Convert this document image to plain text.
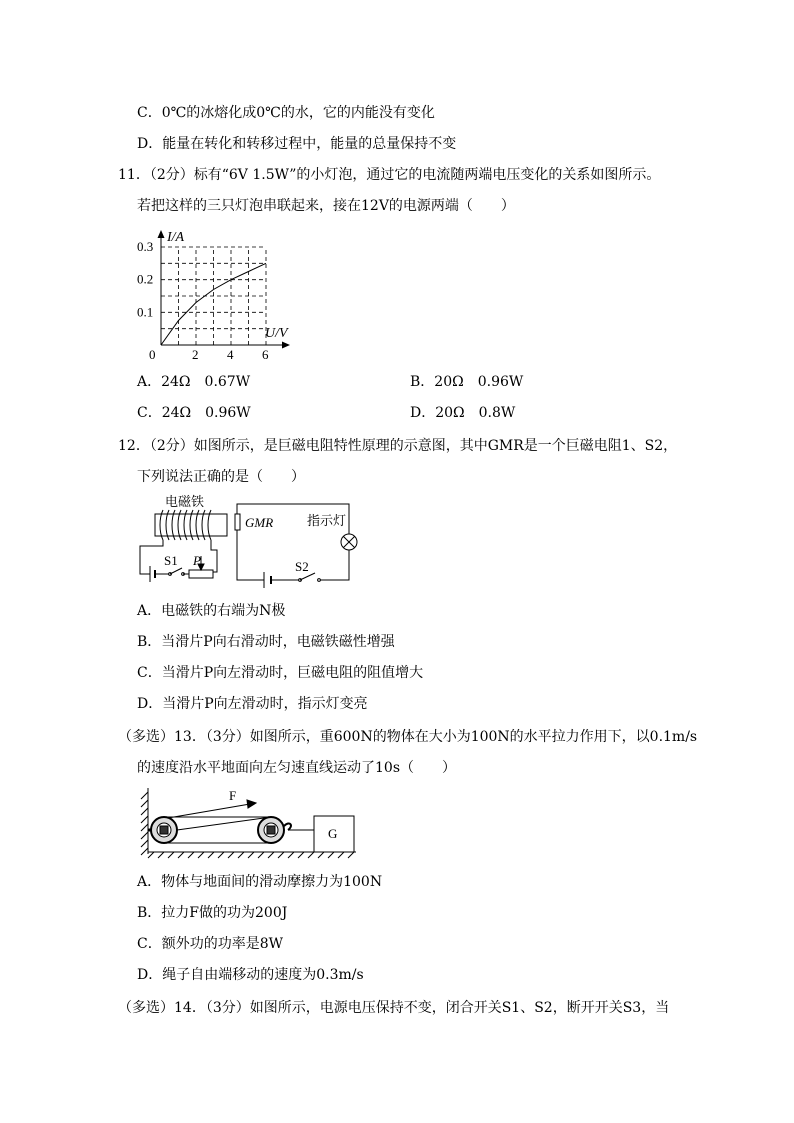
C．0℃的冰熔化成0℃的水，它的内能没有变化
D．能量在转化和转移过程中，能量的总量保持不变
11．（2分）标有“6V 1.5W”的小灯泡，通过它的电流随两端电压变化的关系如图所示。
若把这样的三只灯泡串联起来，接在12V的电源两端（　　）
0	2 4 6
0.1
0.2
0.3
I/A
U/V
A．24Ω　0.67W	B．20Ω　0.96W
C．24Ω　0.96W	D．20Ω　0.8W
12．（2分）如图所示，是巨磁电阻特性原理的示意图，其中GMR是一个巨磁电阻1、S2，
下列说法正确的是（　　）
电磁铁
S1 P
GMR	指示灯
S2
A．电磁铁的右端为N极
B．当滑片P向右滑动时，电磁铁磁性增强
C．当滑片P向左滑动时，巨磁电阻的阻值增大
D．当滑片P向左滑动时，指示灯变亮
（多选）13．（3分）如图所示，重600N的物体在大小为100N的水平拉力作用下，以0.1m/s
的速度沿水平地面向左匀速直线运动了10s（　　）
F
G
A．物体与地面间的滑动摩擦力为100N
B．拉力F做的功为200J
C．额外功的功率是8W
D．绳子自由端移动的速度为0.3m/s
（多选）14．（3分）如图所示，电源电压保持不变，闭合开关S1、S2，断开开关S3，当
